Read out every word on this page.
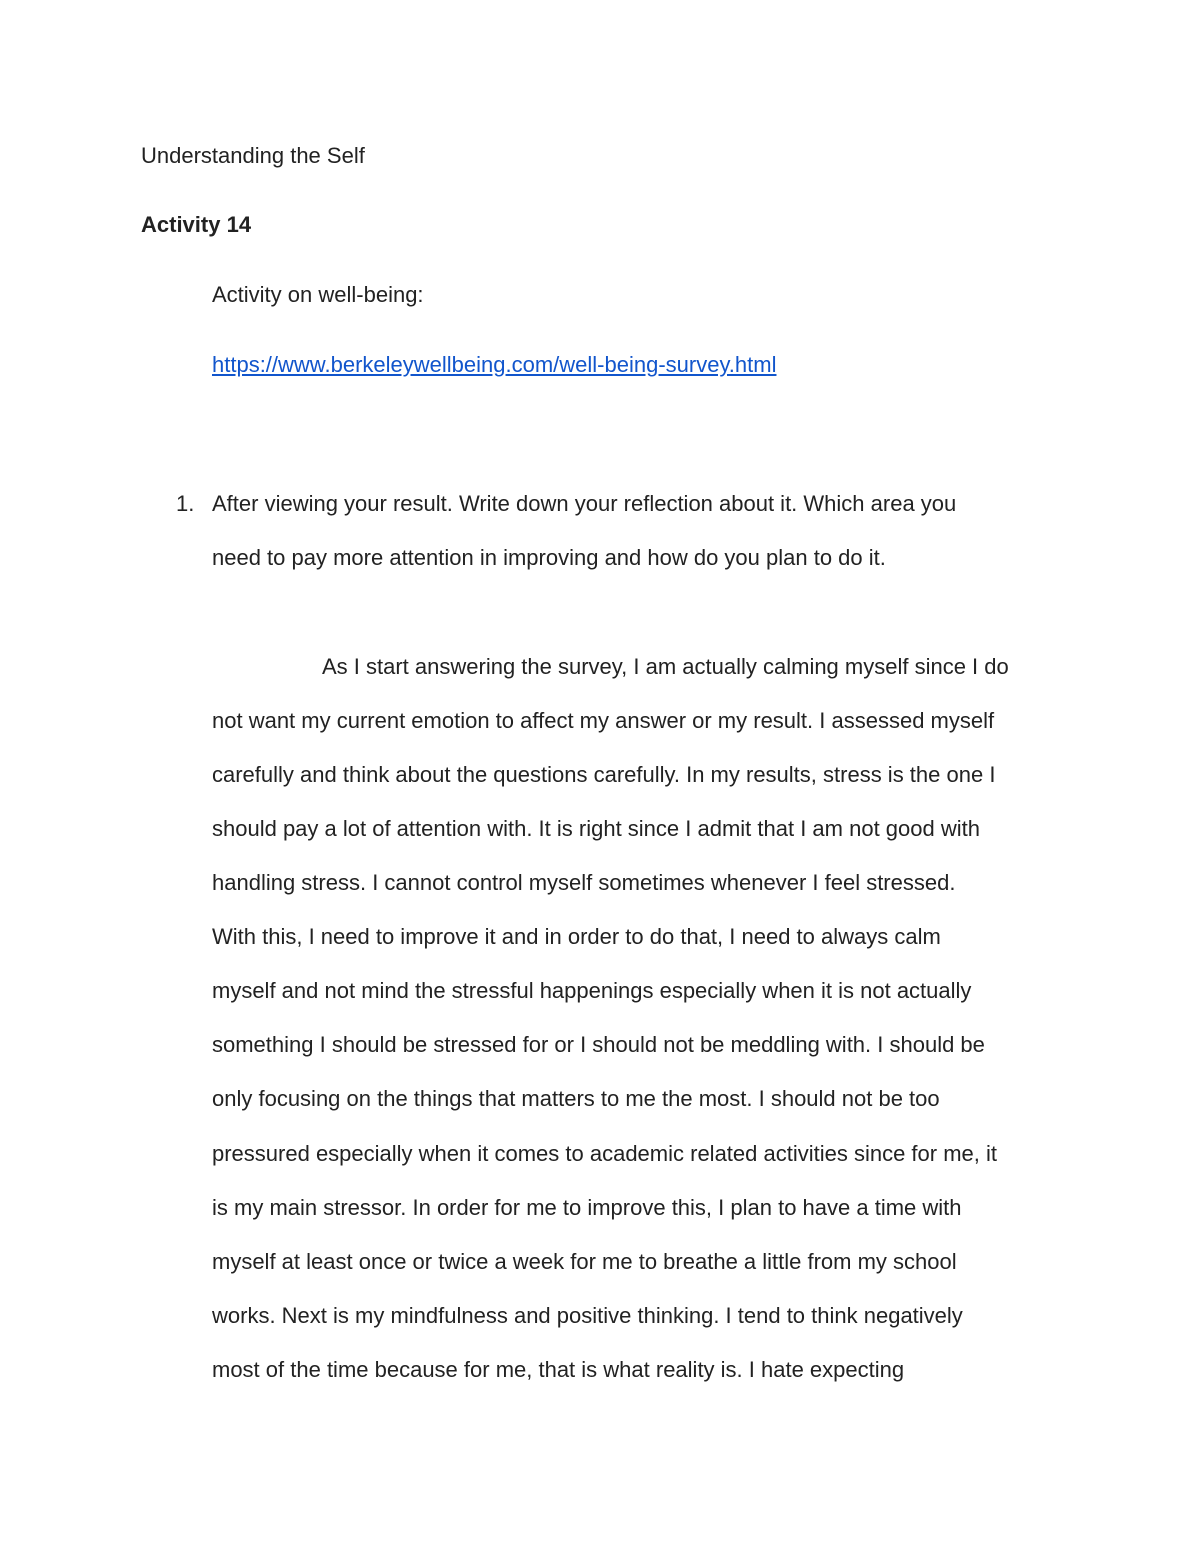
Understanding the Self

Activity 14

Activity on well-being:

https://www.berkeleywellbeing.com/well-being-survey.html
1. After viewing your result. Write down your reflection about it. Which area you

need to pay more attention in improving and how do you plan to do it.

As I start answering the survey, I am actually calming myself since I do

not want my current emotion to affect my answer or my result. I assessed myself

carefully and think about the questions carefully. In my results, stress is the one I

should pay a lot of attention with. It is right since I admit that I am not good with

handling stress. I cannot control myself sometimes whenever I feel stressed.

With this, I need to improve it and in order to do that, I need to always calm

myself and not mind the stressful happenings especially when it is not actually

something I should be stressed for or I should not be meddling with. I should be

only focusing on the things that matters to me the most. I should not be too

pressured especially when it comes to academic related activities since for me, it

is my main stressor. In order for me to improve this, I plan to have a time with

myself at least once or twice a week for me to breathe a little from my school

works. Next is my mindfulness and positive thinking. I tend to think negatively

most of the time because for me, that is what reality is. I hate expecting
